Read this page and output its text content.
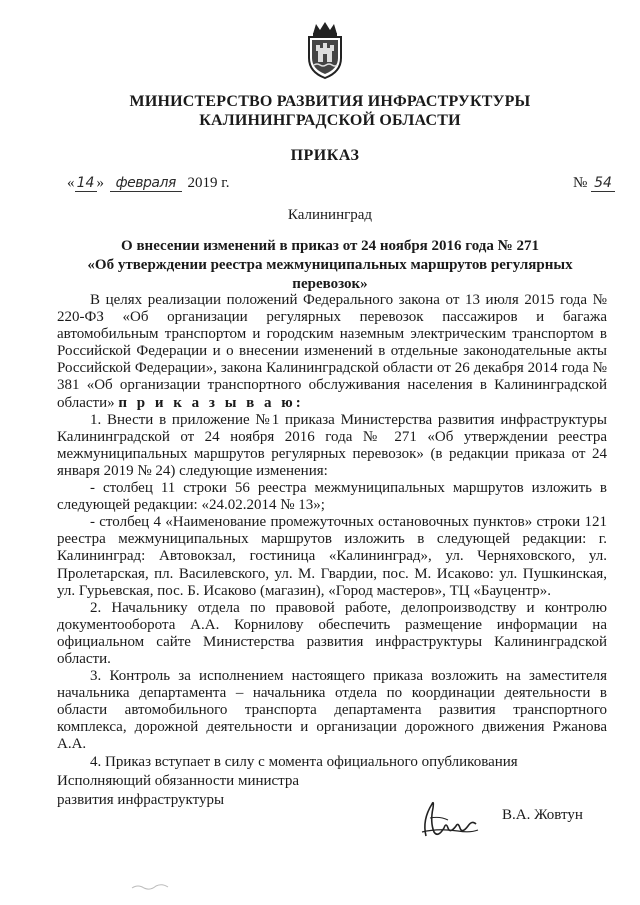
МИНИСТЕРСТВО РАЗВИТИЯ ИНФРАСТРУКТУРЫ
КАЛИНИНГРАДСКОЙ ОБЛАСТИ
ПРИКАЗ
« 14 » февраля 2019 г.	№ 54
Калининград
О внесении изменений в приказ от 24 ноября 2016 года № 271
«Об утверждении реестра межмуниципальных маршрутов регулярных перевозок»

В целях реализации положений Федерального закона от 13 июля 2015 года № 220-ФЗ «Об организации регулярных перевозок пассажиров и багажа автомобильным транспортом и городским наземным электрическим транспортом в Российской Федерации и о внесении изменений в отдельные законодательные акты Российской Федерации», закона Калининградской области от 26 декабря 2014 года № 381 «Об организации транспортного обслуживания населения в Калининградской области» п р и к а з ы в а ю:

1. Внести в приложение №1 приказа Министерства развития инфраструктуры Калининградской от 24 ноября 2016 года № 271 «Об утверждении реестра межмуниципальных маршрутов регулярных перевозок» (в редакции приказа от 24 января 2019 № 24) следующие изменения:

- столбец 11 строки 56 реестра межмуниципальных маршрутов изложить в следующей редакции: «24.02.2014 № 13»;

- столбец 4 «Наименование промежуточных остановочных пунктов» строки 121 реестра межмуниципальных маршрутов изложить в следующей редакции: г. Калининград: Автовокзал, гостиница «Калининград», ул. Черняховского, ул. Пролетарская, пл. Василевского, ул. М. Гвардии, пос. М. Исаково: ул. Пушкинская, ул. Гурьевская, пос. Б. Исаково (магазин), «Город мастеров», ТЦ «Бауцентр».

2. Начальнику отдела по правовой работе, делопроизводству и контролю документооборота А.А. Корнилову обеспечить размещение информации на официальном сайте Министерства развития инфраструктуры Калининградской области.

3. Контроль за исполнением настоящего приказа возложить на заместителя начальника департамента – начальника отдела по координации деятельности в области автомобильного транспорта департамента развития транспортного комплекса, дорожной деятельности и организации дорожного движения Ржанова А.А.

4. Приказ вступает в силу с момента официального опубликования

Исполняющий обязанности министра
развития инфраструктуры
В.А. Жовтун
